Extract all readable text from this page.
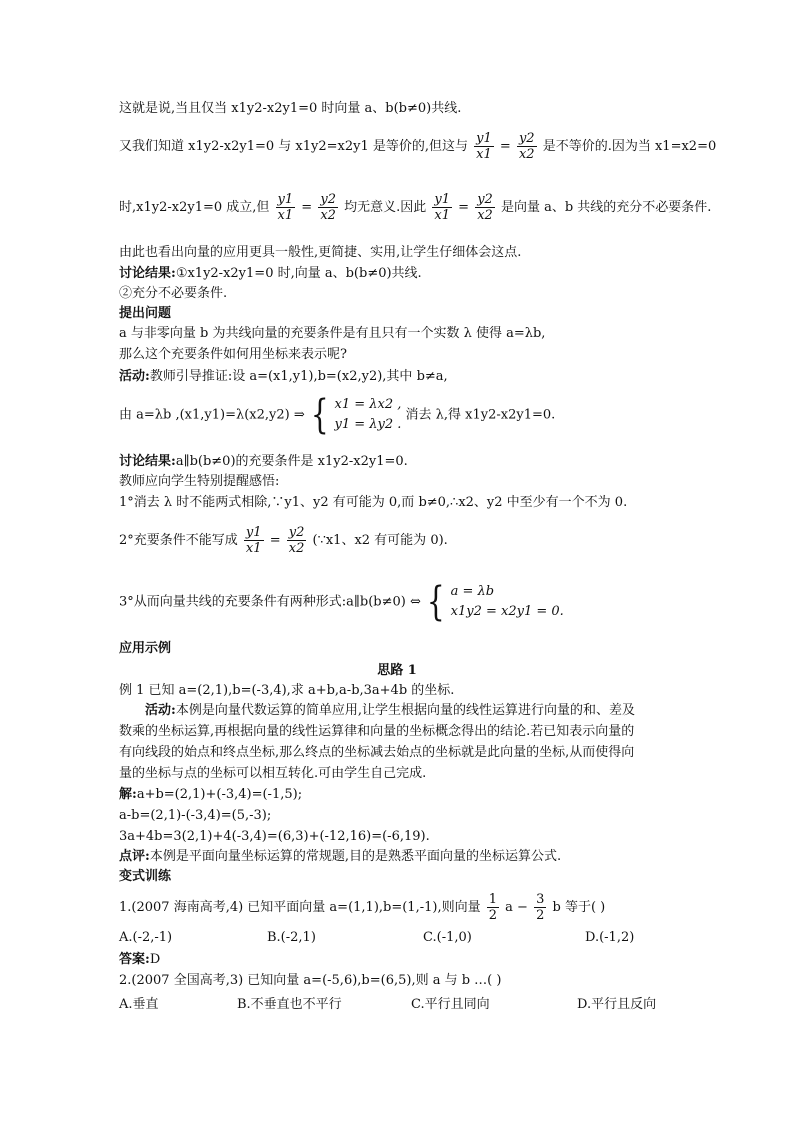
这就是说,当且仅当 x1y2-x2y1=0 时向量 a、b(b≠0)共线.
又我们知道 x1y2-x2y1=0 与 x1y2=x2y1 是等价的,但这与 $\frac{y1}{x1} = \frac{y2}{x2}$ 是不等价的.因为当 x1=x2=0
时,x1y2-x2y1=0 成立,但 $\frac{y1}{x1} = \frac{y2}{x2}$ 均无意义.因此 $\frac{y1}{x1} = \frac{y2}{x2}$ 是向量 a、b 共线的充分不必要条件.
由此也看出向量的应用更具一般性,更简捷、实用,让学生仔细体会这点.
讨论结果:①x1y2-x2y1=0 时,向量 a、b(b≠0)共线.
②充分不必要条件.
提出问题
a 与非零向量 b 为共线向量的充要条件是有且只有一个实数 λ 使得 a=λb,
那么这个充要条件如何用坐标来表示呢?
活动:教师引导推证:设 a=(x1,y1),b=(x2,y2),其中 b≠a,
由 a=λb ,(x1,y1)=λ(x2,y2) ⇒ { x1 = λx2 ,
y1 = λy2 .
消去 λ,得 x1y2-x2y1=0.
讨论结果:a∥b(b≠0)的充要条件是 x1y2-x2y1=0.
教师应向学生特别提醒感悟:
1°消去 λ 时不能两式相除,∵y1、y2 有可能为 0,而 b≠0,∴x2、y2 中至少有一个不为 0.
2°充要条件不能写成 $\frac{y1}{x1} = \frac{y2}{x2}$ (∵x1、x2 有可能为 0).
3°从而向量共线的充要条件有两种形式:a∥b(b≠0) ⇔ { a = λb
x1y2 = x2y1 = 0.
应用示例
思路 1
例 1 已知 a=(2,1),b=(-3,4),求 a+b,a-b,3a+4b 的坐标.
活动:本例是向量代数运算的简单应用,让学生根据向量的线性运算进行向量的和、差及
数乘的坐标运算,再根据向量的线性运算律和向量的坐标概念得出的结论.若已知表示向量的
有向线段的始点和终点坐标,那么终点的坐标减去始点的坐标就是此向量的坐标,从而使得向
量的坐标与点的坐标可以相互转化.可由学生自己完成.
解:a+b=(2,1)+(-3,4)=(-1,5);
a-b=(2,1)-(-3,4)=(5,-3);
3a+4b=3(2,1)+4(-3,4)=(6,3)+(-12,16)=(-6,19).
点评:本例是平面向量坐标运算的常规题,目的是熟悉平面向量的坐标运算公式.
变式训练
1.(2007 海南高考,4) 已知平面向量 a=(1,1),b=(1,-1),则向量 $\frac{1}{2}$ $a - \frac{3}{2}$ b 等于( )
A.(-2,-1)	B.(-2,1)	C.(-1,0)	D.(-1,2)
答案:D
2.(2007 全国高考,3) 已知向量 a=(-5,6),b=(6,5),则 a 与 b …( )
A.垂直	B.不垂直也不平行	C.平行且同向	D.平行且反向
